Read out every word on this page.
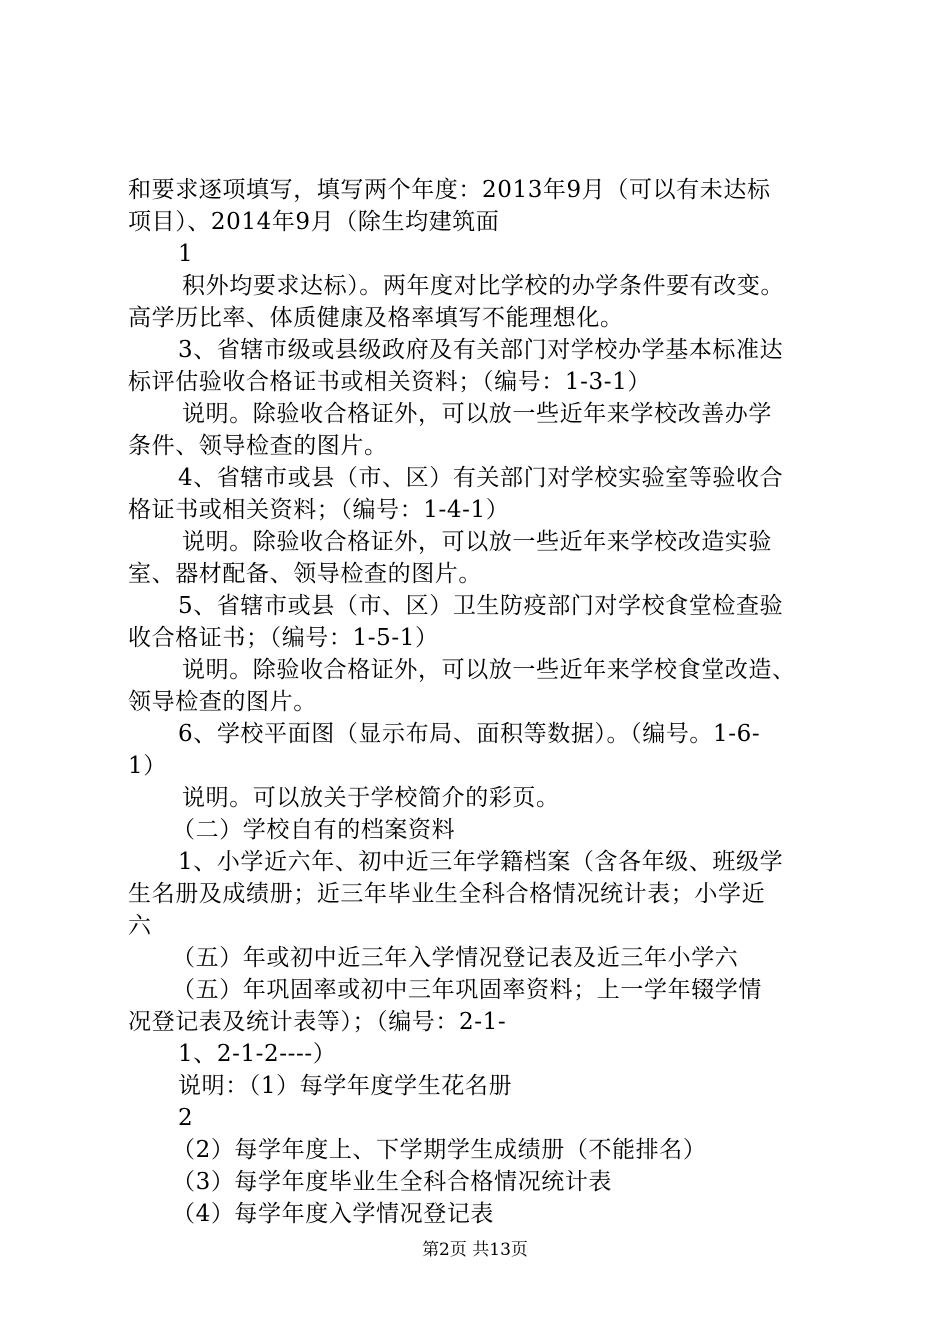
和要求逐项填写，填写两个年度：2013年9月（可以有未达标
项目）、2014年9月（除生均建筑面
1
积外均要求达标）。两年度对比学校的办学条件要有改变。
高学历比率、体质健康及格率填写不能理想化。
3、省辖市级或县级政府及有关部门对学校办学基本标准达
标评估验收合格证书或相关资料；（编号：1-3-1）
说明。除验收合格证外，可以放一些近年来学校改善办学
条件、领导检查的图片。
4、省辖市或县（市、区）有关部门对学校实验室等验收合
格证书或相关资料；（编号：1-4-1）
说明。除验收合格证外，可以放一些近年来学校改造实验
室、器材配备、领导检查的图片。
5、省辖市或县（市、区）卫生防疫部门对学校食堂检查验
收合格证书；（编号：1-5-1）
说明。除验收合格证外，可以放一些近年来学校食堂改造、
领导检查的图片。
6、学校平面图（显示布局、面积等数据）。（编号。1-6-
1）
说明。可以放关于学校简介的彩页。
（二）学校自有的档案资料
1、小学近六年、初中近三年学籍档案（含各年级、班级学
生名册及成绩册；近三年毕业生全科合格情况统计表；小学近
六
（五）年或初中近三年入学情况登记表及近三年小学六
（五）年巩固率或初中三年巩固率资料；上一学年辍学情
况登记表及统计表等）；（编号：2-1-
1、2-1-2----）
说明：（1）每学年度学生花名册
2
（2）每学年度上、下学期学生成绩册（不能排名）
（3）每学年度毕业生全科合格情况统计表
（4）每学年度入学情况登记表
第2页 共13页
